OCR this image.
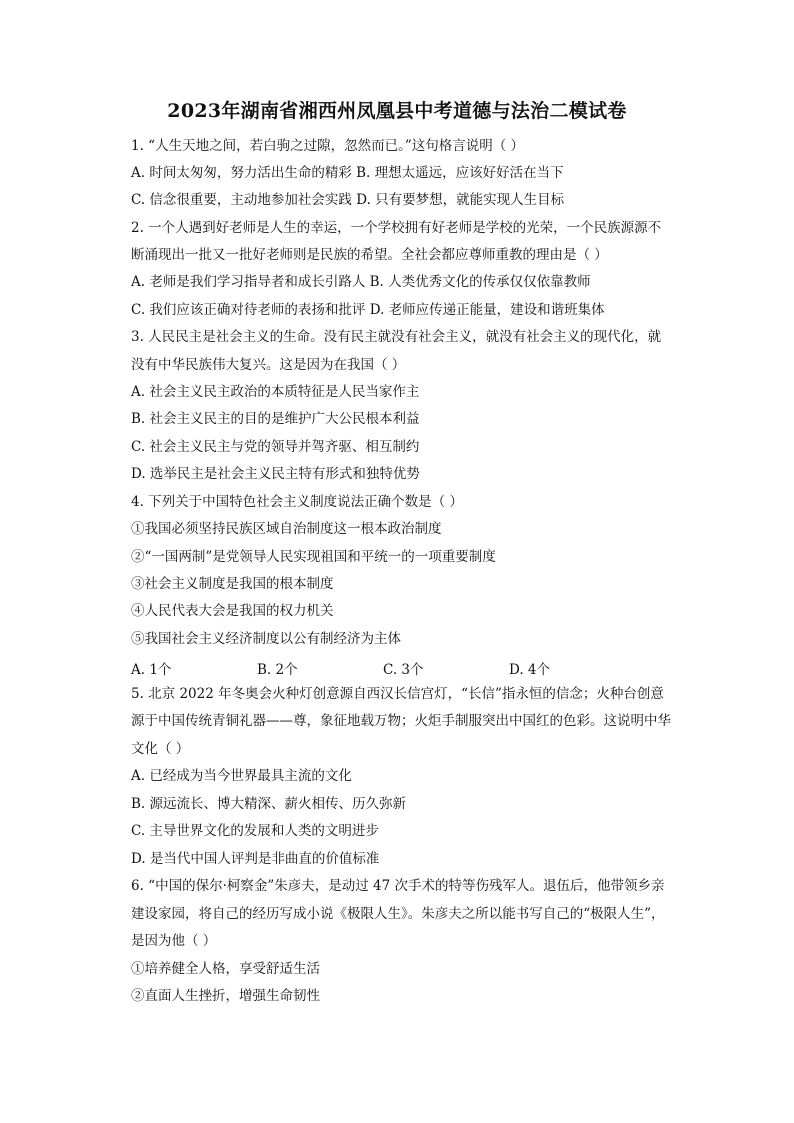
2023年湖南省湘西州凤凰县中考道德与法治二模试卷
1. “人生天地之间，若白驹之过隙，忽然而已。”这句格言说明（ ）
A. 时间太匆匆，努力活出生命的精彩 B. 理想太遥远，应该好好活在当下
C. 信念很重要，主动地参加社会实践 D. 只有要梦想，就能实现人生目标
2. 一个人遇到好老师是人生的幸运，一个学校拥有好老师是学校的光荣，一个民族源源不
断涌现出一批又一批好老师则是民族的希望。全社会都应尊师重教的理由是（ ）
A. 老师是我们学习指导者和成长引路人 B. 人类优秀文化的传承仅仅依靠教师
C. 我们应该正确对待老师的表扬和批评 D. 老师应传递正能量，建设和谐班集体
3. 人民民主是社会主义的生命。没有民主就没有社会主义，就没有社会主义的现代化，就
没有中华民族伟大复兴。这是因为在我国（ ）
A. 社会主义民主政治的本质特征是人民当家作主
B. 社会主义民主的目的是维护广大公民根本利益
C. 社会主义民主与党的领导并驾齐驱、相互制约
D. 选举民主是社会主义民主特有形式和独特优势
4. 下列关于中国特色社会主义制度说法正确个数是（ ）
①我国必须坚持民族区域自治制度这一根本政治制度
②“一国两制”是党领导人民实现祖国和平统一的一项重要制度
③社会主义制度是我国的根本制度
④人民代表大会是我国的权力机关
⑤我国社会主义经济制度以公有制经济为主体
A. 1个	B. 2个	C. 3个	D. 4个
5. 北京 2022 年冬奥会火种灯创意源自西汉长信宫灯，“长信”指永恒的信念；火种台创意
源于中国传统青铜礼器——尊，象征地载万物；火炬手制服突出中国红的色彩。这说明中华
文化（ ）
A. 已经成为当今世界最具主流的文化
B. 源远流长、博大精深、薪火相传、历久弥新
C. 主导世界文化的发展和人类的文明进步
D. 是当代中国人评判是非曲直的价值标准
6. “中国的保尔·柯察金”朱彦夫，是动过 47 次手术的特等伤残军人。退伍后，他带领乡亲
建设家园，将自己的经历写成小说《极限人生》。朱彦夫之所以能书写自己的“极限人生”，
是因为他（ ）
①培养健全人格，享受舒适生活
②直面人生挫折，增强生命韧性
